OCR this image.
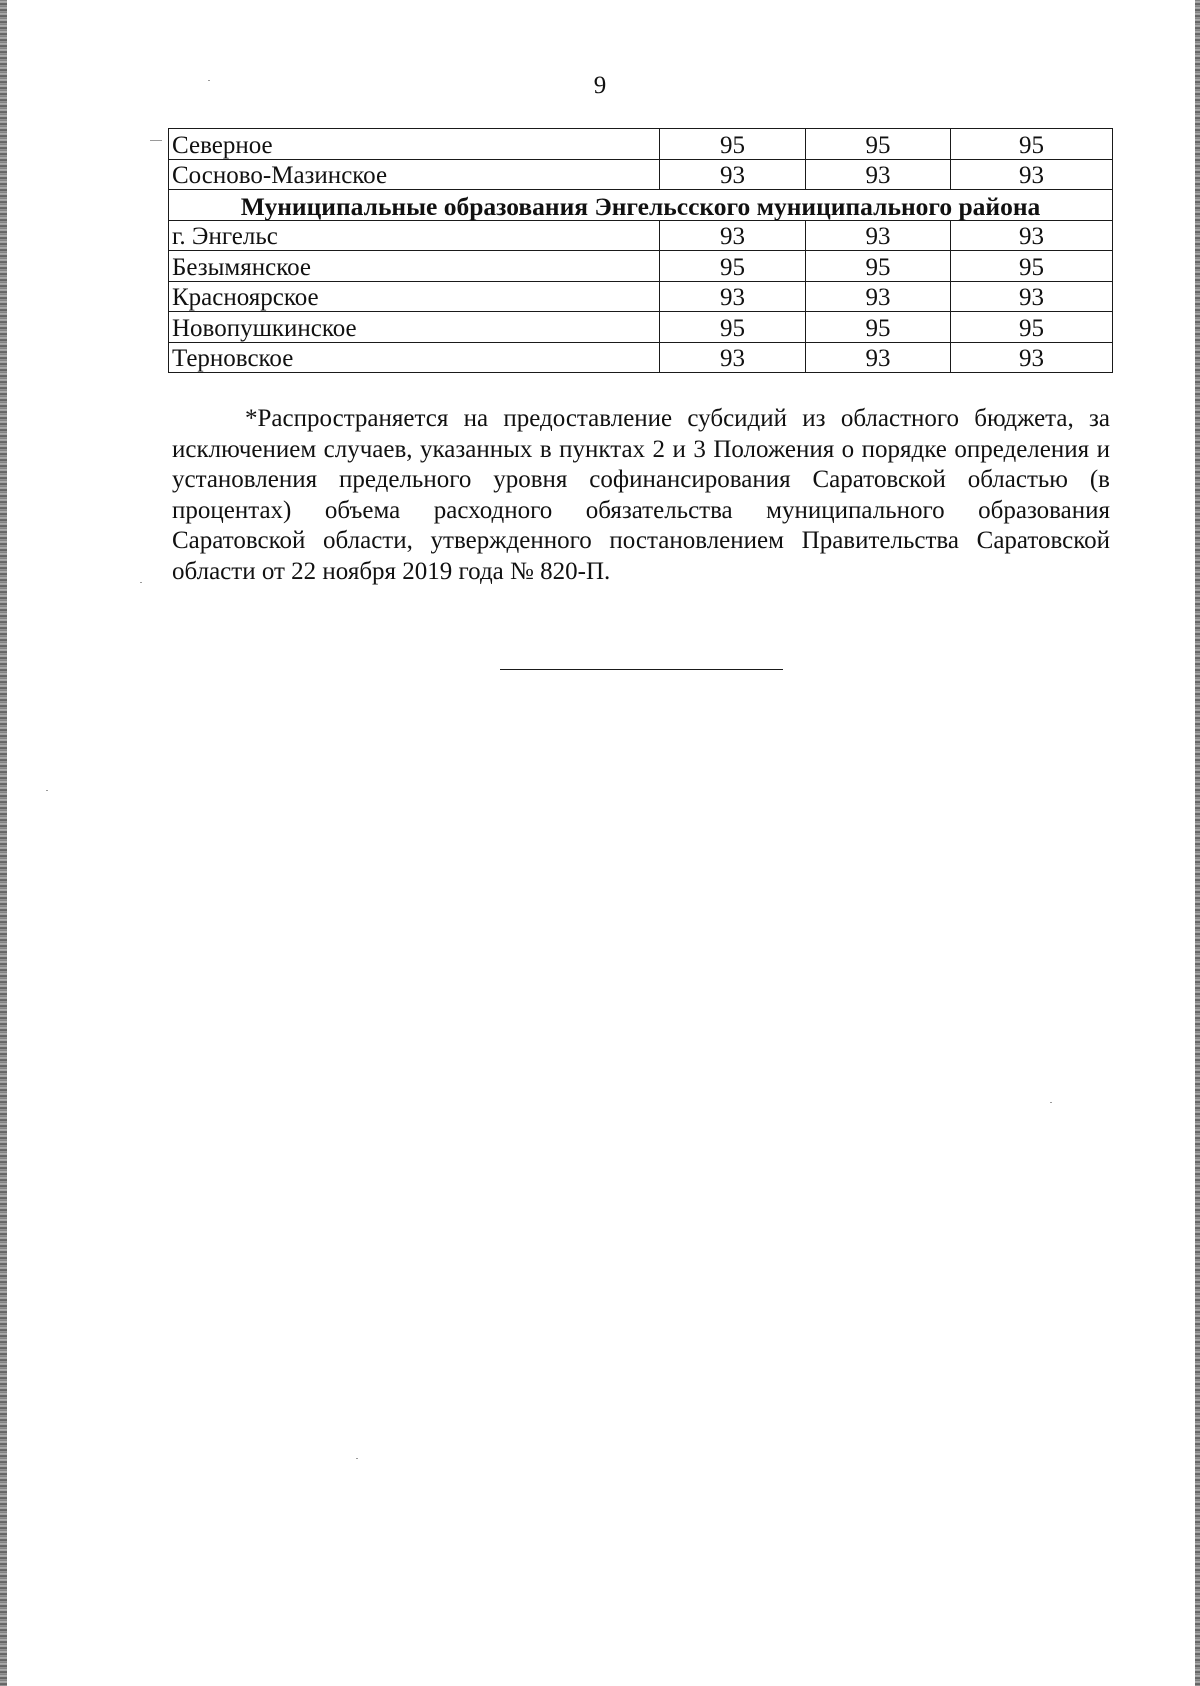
9
Северное	95	95	95
Сосново-Мазинское	93	93	93
Муниципальные образования Энгельсского муниципального района			
г. Энгельс	93	93	93
Безымянское	95	95	95
Красноярское	93	93	93
Новопушкинское	95	95	95
Терновское	93	93	93

*Распространяется на предоставление субсидий из областного бюджета, за исключением случаев, указанных в пунктах 2 и 3 Положения о порядке определения и установления предельного уровня софинансирования Саратовской областью (в процентах) объема расходного обязательства муниципального образования Саратовской области, утвержденного постановлением Правительства Саратовской области от 22 ноября 2019 года № 820-П.
